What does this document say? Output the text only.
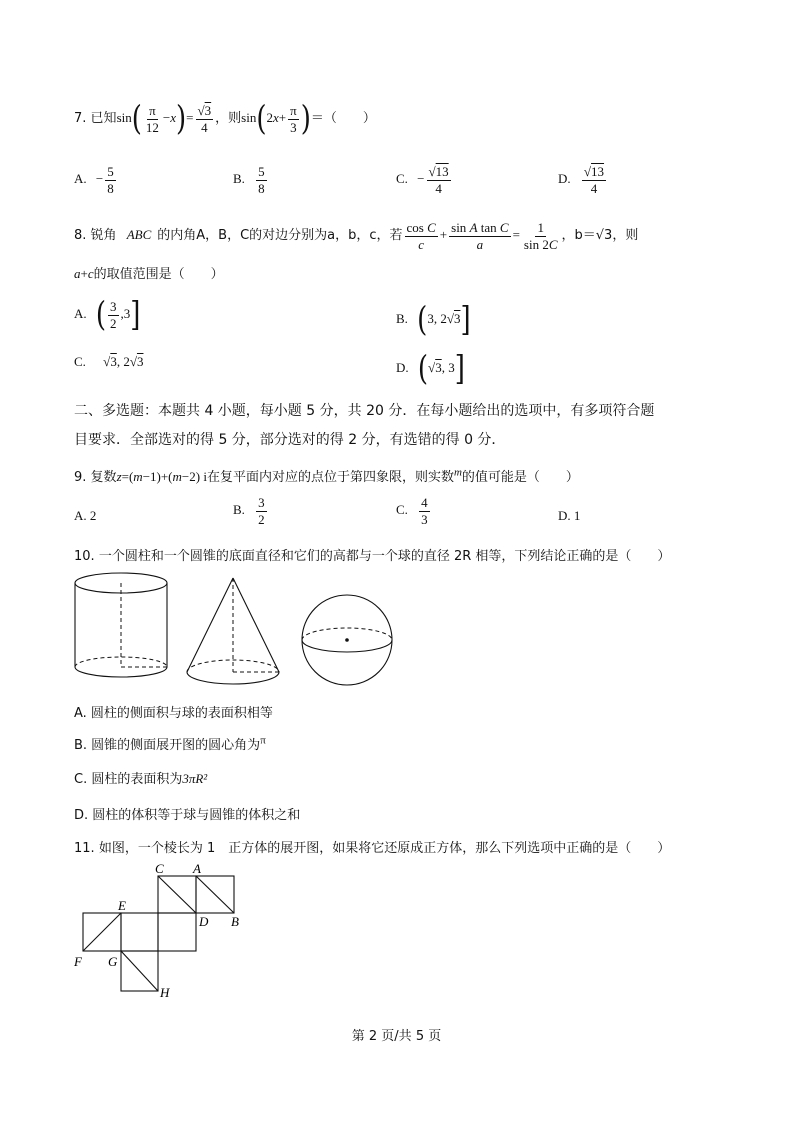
7. 已知$\sin( \frac{\pi}{12} -x)= \frac{√3}{4}$ ，则$\sin(2x+ \frac{\pi}{3}$ )＝（　　）
A. − $\frac{5}{8}$	B. $\frac{5}{8}$	C. − $\frac{√13}{4}$	D. $\frac{√13}{4}$
8. 锐角 ABC 的内角A，B，C的对边分别为a，b，c，若 $\frac{\text{cos C}}{c} + \frac{\text{sin A tan C}}{a} = \frac{1}{\sin 2C}$ ，b＝√3，则
a+c的取值范围是（　　）
A. ( $\frac{3}{2} ,3$]	B. (3, 2√3]
C. √3, 2√3	D. (√3, 3]
二、多选题：本题共 4 小题，每小题 5 分，共 20 分．在每小题给出的选项中，有多项符合题
目要求．全部选对的得 5 分，部分选对的得 2 分，有选错的得 0 分．
9. 复数z=(m−1)+(m−2) i在复平面内对应的点位于第四象限，则实数$^m$的值可能是（　　）
A. 2	B. $\frac{3}{2}$	C. $\frac{4}{3}$	D. 1
10. 一个圆柱和一个圆锥的底面直径和它们的高都与一个球的直径 2R 相等，下列结论正确的是（　　）
A. 圆柱的侧面积与球的表面积相等
B. 圆锥的侧面展开图的圆心角为$^\pi$
C. 圆柱的表面积为3πR²
D. 圆柱的体积等于球与圆锥的体积之和
11. 如图，一个棱长为 1　正方体的展开图，如果将它还原成正方体，那么下列选项中正确的是（　　）
C A
E
D B
F G
H
第 2 页/共 5 页
